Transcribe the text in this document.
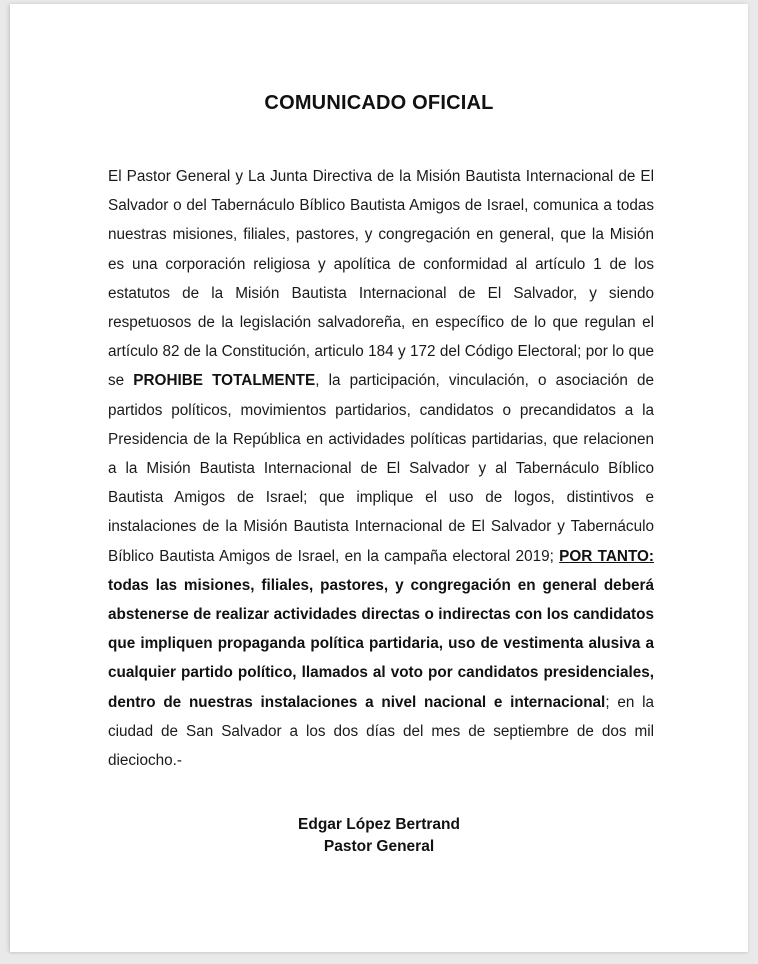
COMUNICADO OFICIAL

El Pastor General y La Junta Directiva de la Misión Bautista Internacional de El Salvador o del Tabernáculo Bíblico Bautista Amigos de Israel, comunica a todas nuestras misiones, filiales, pastores, y congregación en general, que la Misión es una corporación religiosa y apolítica de conformidad al artículo 1 de los estatutos de la Misión Bautista Internacional de El Salvador, y siendo respetuosos de la legislación salvadoreña, en específico de lo que regulan el artículo 82 de la Constitución, articulo 184 y 172 del Código Electoral; por lo que se PROHIBE TOTALMENTE, la participación, vinculación, o asociación de partidos políticos, movimientos partidarios, candidatos o precandidatos a la Presidencia de la República en actividades políticas partidarias, que relacionen a la Misión Bautista Internacional de El Salvador y al Tabernáculo Bíblico Bautista Amigos de Israel; que implique el uso de logos, distintivos e instalaciones de la Misión Bautista Internacional de El Salvador y Tabernáculo Bíblico Bautista Amigos de Israel, en la campaña electoral 2019; POR TANTO: todas las misiones, filiales, pastores, y congregación en general deberá abstenerse de realizar actividades directas o indirectas con los candidatos que impliquen propaganda política partidaria, uso de vestimenta alusiva a cualquier partido político, llamados al voto por candidatos presidenciales, dentro de nuestras instalaciones a nivel nacional e internacional; en la ciudad de San Salvador a los dos días del mes de septiembre de dos mil dieciocho.-

Edgar López Bertrand
Pastor General
